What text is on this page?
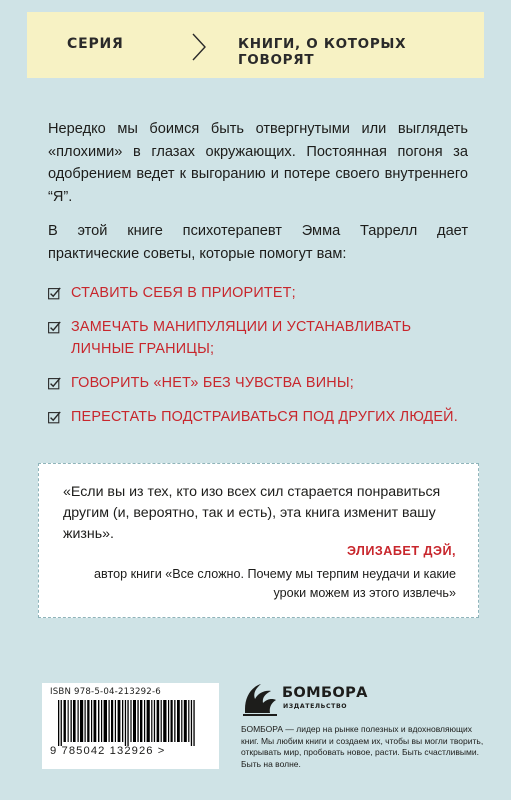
СЕРИЯ	КНИГИ, О КОТОРЫХ ГОВОРЯТ

Нередко мы боимся быть отвергнутыми или выглядеть «плохими» в глазах окружающих. Постоянная погоня за одобрением ведет к выгоранию и потере своего внутреннего “Я”.

В этой книге психотерапевт Эмма Таррелл дает практические советы, которые помогут вам:

СТАВИТЬ СЕБЯ В ПРИОРИТЕТ;
ЗАМЕЧАТЬ МАНИПУЛЯЦИИ И УСТАНАВЛИВАТЬ ЛИЧНЫЕ ГРАНИЦЫ;
ГОВОРИТЬ «НЕТ» БЕЗ ЧУВСТВА ВИНЫ;
ПЕРЕСТАТЬ ПОДСТРАИВАТЬСЯ ПОД ДРУГИХ ЛЮДЕЙ.

«Если вы из тех, кто изо всех сил старается понравиться другим (и, вероятно, так и есть), эта книга изменит вашу жизнь».

ЭЛИЗАБЕТ ДЭЙ,

автор книги «Все сложно. Почему мы терпим неудачи и какие уроки можем из этого извлечь»

ISBN 978-5-04-213292-6
9 785042 132926 >
БОМБОРА
ИЗДАТЕЛЬСТВО

БОМБОРА — лидер на рынке полезных и вдохновляющих книг. Мы любим книги и создаем их, чтобы вы могли творить, открывать мир, пробовать новое, расти. Быть счастливыми. Быть на волне.
